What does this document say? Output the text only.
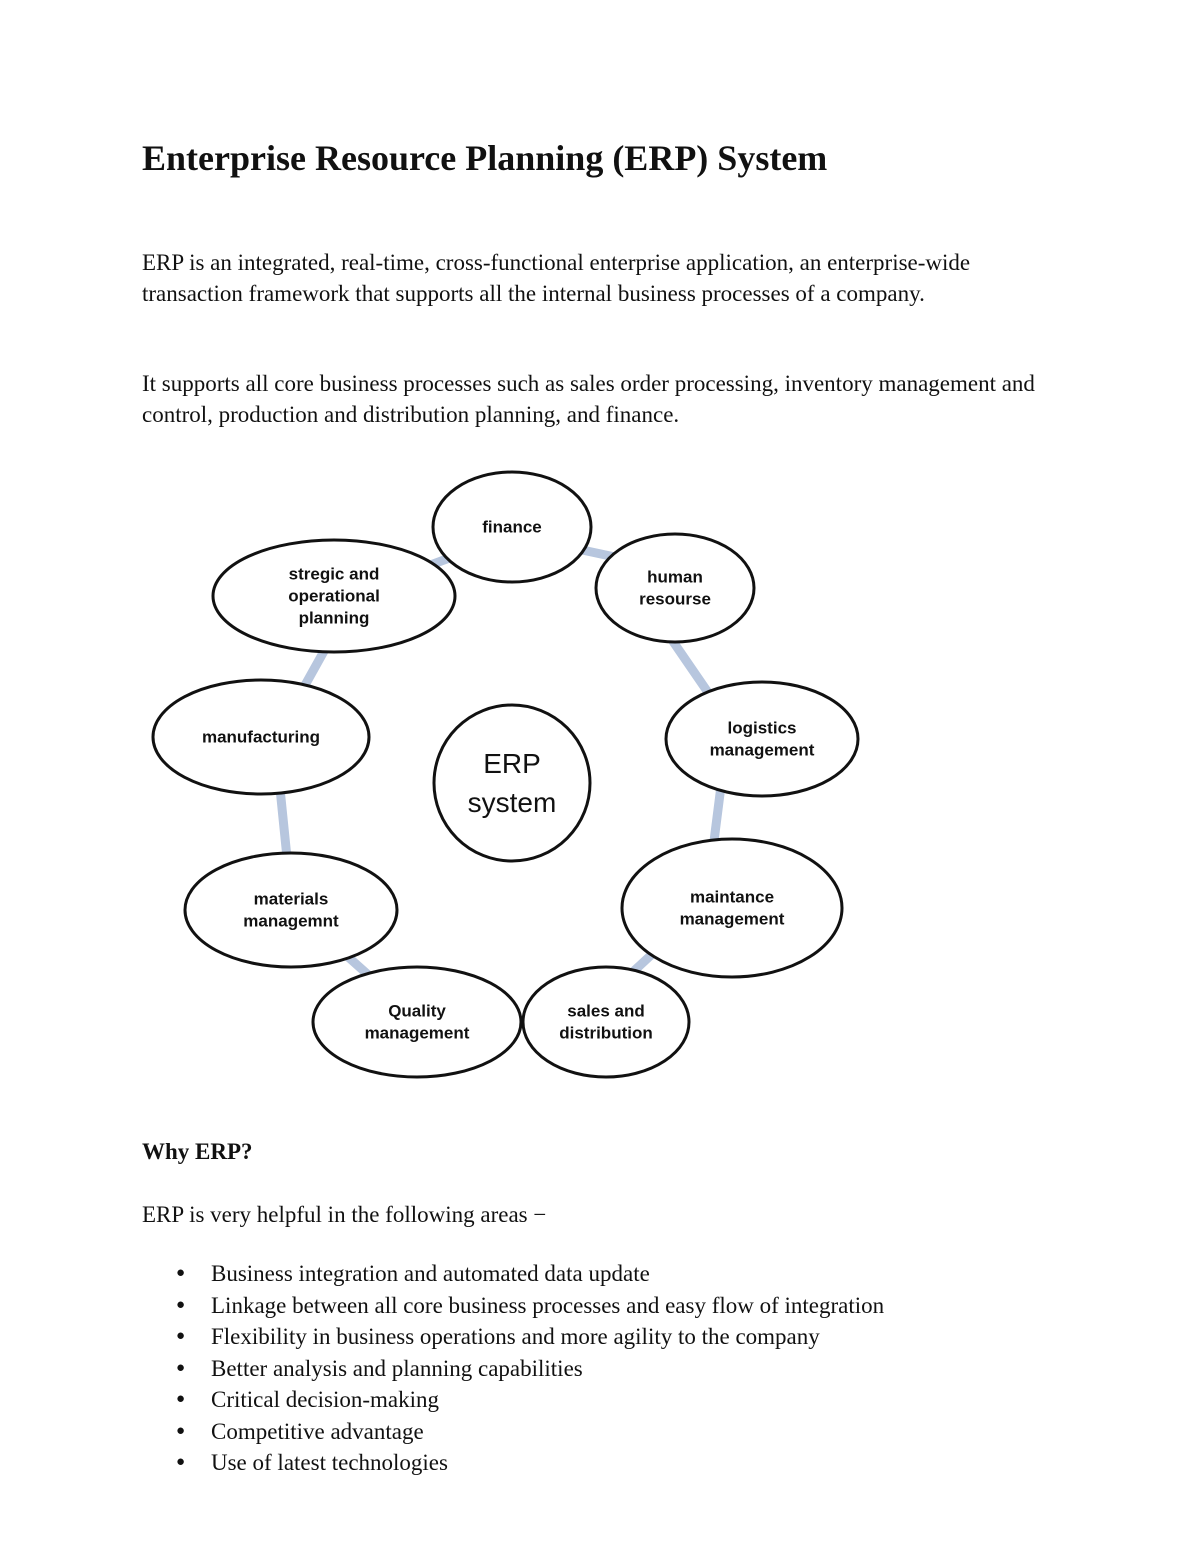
Enterprise Resource Planning (ERP) System

ERP is an integrated, real-time, cross-functional enterprise application, an enterprise-wide transaction framework that supports all the internal business processes of a company.

It supports all core business processes such as sales order processing, inventory management and control, production and distribution planning, and finance.

finance
human resourse
logistics management
maintance management
sales and distribution
Quality management
materials managemnt
manufacturing
stregic and operational planning
ERP system
Why ERP?

ERP is very helpful in the following areas −

● Business integration and automated data update
● Linkage between all core business processes and easy flow of integration
● Flexibility in business operations and more agility to the company
● Better analysis and planning capabilities
● Critical decision-making
● Competitive advantage
● Use of latest technologies
